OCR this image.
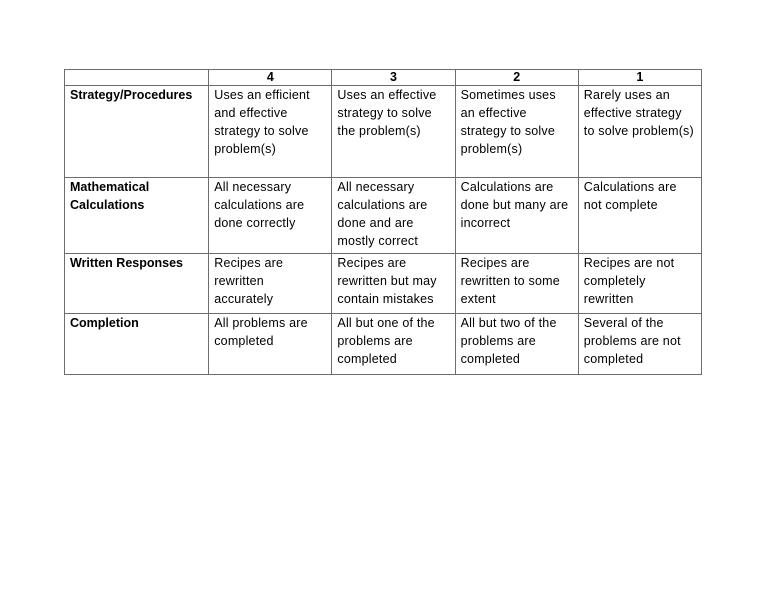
	4	3	2	1
Strategy/Procedures	Uses an efficient and effective strategy to solve problem(s)	Uses an effective strategy to solve the problem(s)	Sometimes uses an effective strategy to solve problem(s)	Rarely uses an effective strategy to solve problem(s)
Mathematical Calculations	All necessary calculations are done correctly	All necessary calculations are done and are mostly correct	Calculations are done but many are incorrect	Calculations are not complete
Written Responses	Recipes are rewritten accurately	Recipes are rewritten but may contain mistakes	Recipes are rewritten to some extent	Recipes are not completely rewritten
Completion	All problems are completed	All but one of the problems are completed	All but two of the problems are completed	Several of the problems are not completed
